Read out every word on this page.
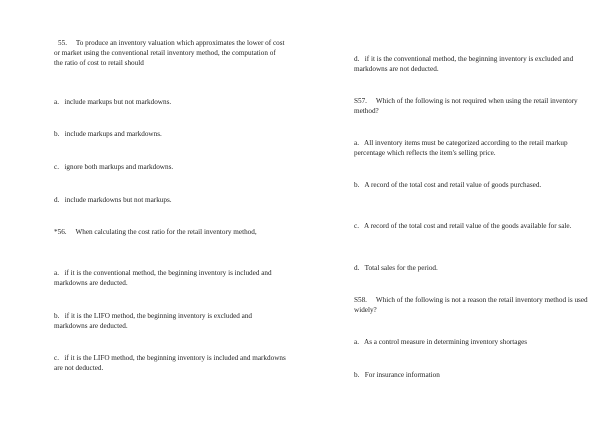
55. To produce an inventory valuation which approximates the lower of cost or market using the conventional retail inventory method, the computation of the ratio of cost to retail should

a. include markups but not markdowns.

b. include markups and markdowns.

c. ignore both markups and markdowns.

d. include markdowns but not markups.

*56. When calculating the cost ratio for the retail inventory method,

a. if it is the conventional method, the beginning inventory is included and markdowns are deducted.

b. if it is the LIFO method, the beginning inventory is excluded and markdowns are deducted.

c. if it is the LIFO method, the beginning inventory is included and markdowns are not deducted.

d. if it is the conventional method, the beginning inventory is excluded and markdowns are not deducted.

S57. Which of the following is not required when using the retail inventory method?

a. All inventory items must be categorized according to the retail markup percentage which reflects the item's selling price.

b. A record of the total cost and retail value of goods purchased.

c. A record of the total cost and retail value of the goods available for sale.

d. Total sales for the period.

S58. Which of the following is not a reason the retail inventory method is used widely?

a. As a control measure in determining inventory shortages

b. For insurance information
